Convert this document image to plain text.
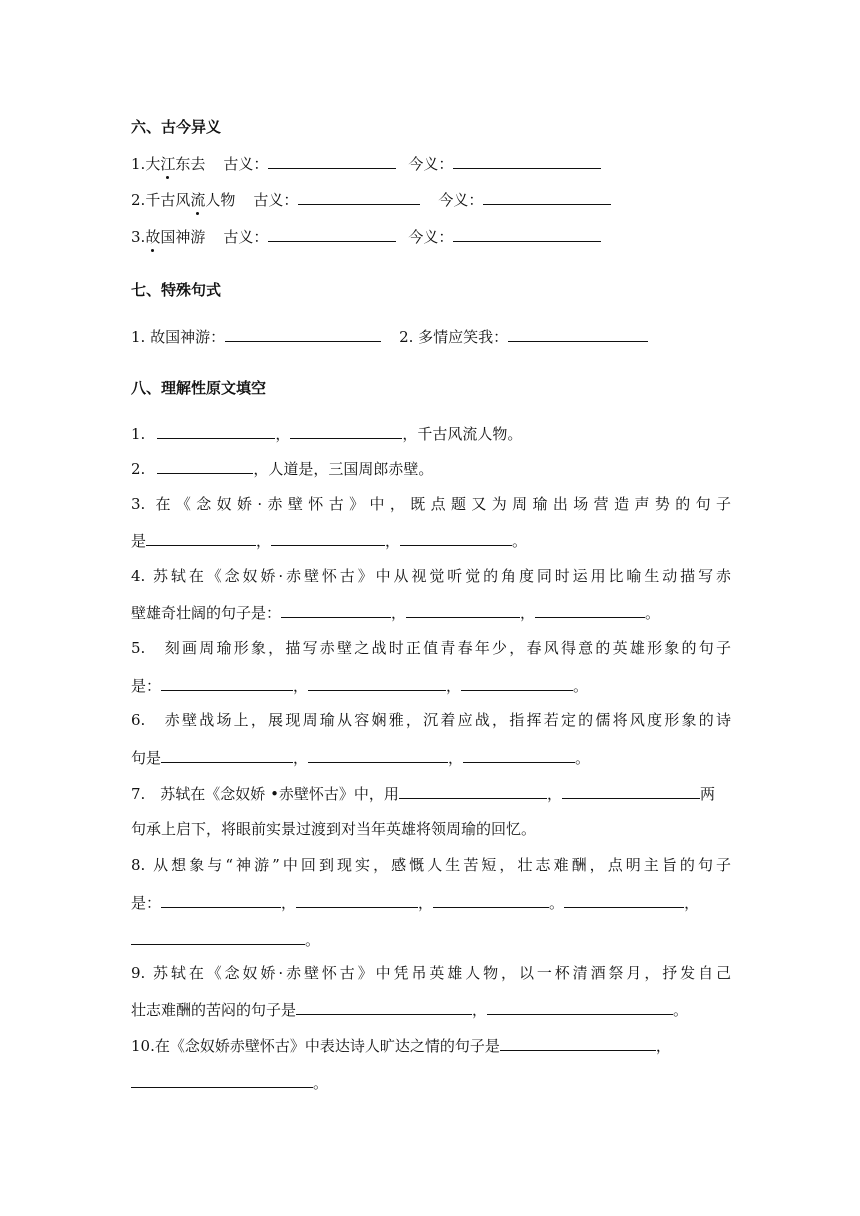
六、古今异义
1.大江东去 古义：	今义：
2.千古风流人物 古义：	今义：
3.故国神游 古义：	今义：
七、特殊句式
1. 故国神游：	2. 多情应笑我：
八、理解性原文填空
1.	，	，千古风流人物。
2.	，人道是，三国周郎赤壁。
3. 在《念奴娇·赤壁怀古》中，既点题又为周瑜出场营造声势的句子
是	，	，	。
4. 苏轼在《念奴娇·赤壁怀古》中从视觉听觉的角度同时运用比喻生动描写赤
壁雄奇壮阔的句子是：	，	，	。
5.　刻画周瑜形象，描写赤壁之战时正值青春年少，春风得意的英雄形象的句子
是：	，	，	。
6.　赤壁战场上，展现周瑜从容娴雅，沉着应战，指挥若定的儒将风度形象的诗
句是	，	，	。
7.　苏轼在《念奴娇 •赤壁怀古》中，用	，	两
句承上启下，将眼前实景过渡到对当年英雄将领周瑜的回忆。
8. 从想象与“神游”中回到现实，感慨人生苦短，壮志难酬，点明主旨的句子
是：	，	，	。	，
。
9. 苏轼在《念奴娇·赤壁怀古》中凭吊英雄人物，以一杯清酒祭月，抒发自己
壮志难酬的苦闷的句子是	，	。
10.在《念奴娇赤壁怀古》中表达诗人旷达之情的句子是	，
。
